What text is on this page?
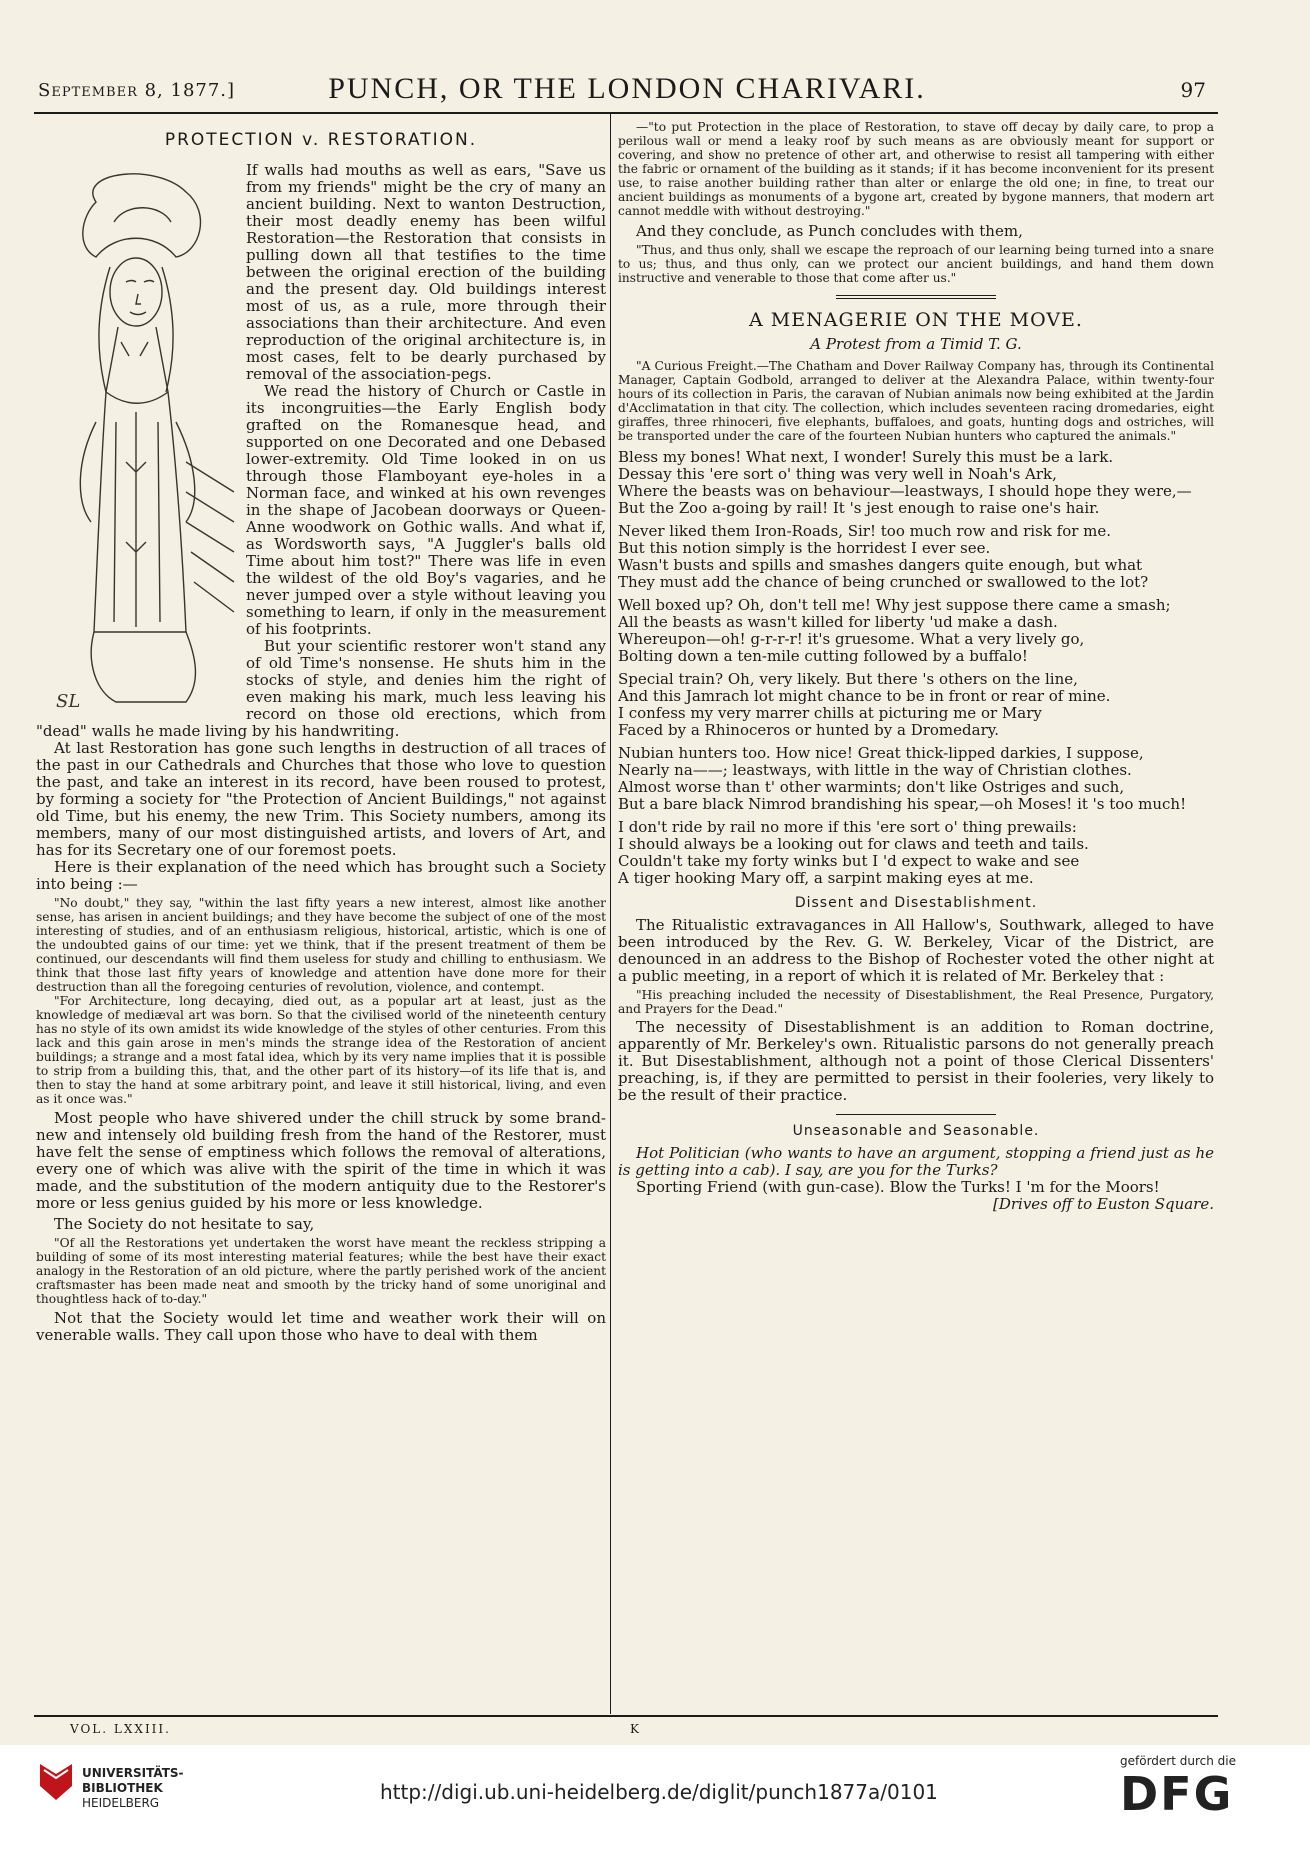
September 8, 1877.]	PUNCH, OR THE LONDON CHARIVARI.	97
PROTECTION v. RESTORATION.
SL

If walls had mouths as well as ears, "Save us from my friends" might be the cry of many an ancient building. Next to wanton Destruction, their most deadly enemy has been wilful Restoration—the Restoration that consists in pulling down all that testifies to the time between the original erection of the building and the present day. Old buildings interest most of us, as a rule, more through their associations than their architecture. And even reproduction of the original architecture is, in most cases, felt to be dearly purchased by removal of the association-pegs.

We read the history of Church or Castle in its incongruities—the Early English body grafted on the Romanesque head, and supported on one Decorated and one Debased lower-extremity. Old Time looked in on us through those Flamboyant eye-holes in a Norman face, and winked at his own revenges in the shape of Jacobean doorways or Queen-Anne woodwork on Gothic walls. And what if, as Wordsworth says, "A Juggler's balls old Time about him tost?" There was life in even the wildest of the old Boy's vagaries, and he never jumped over a style without leaving you something to learn, if only in the measurement of his footprints.

But your scientific restorer won't stand any of old Time's nonsense. He shuts him in the stocks of style, and denies him the right of even making his mark, much less leaving his record on those old erections, which from "dead" walls he made living by his handwriting.

At last Restoration has gone such lengths in destruction of all traces of the past in our Cathedrals and Churches that those who love to question the past, and take an interest in its record, have been roused to protest, by forming a society for "the Protection of Ancient Buildings," not against old Time, but his enemy, the new Trim. This Society numbers, among its members, many of our most distinguished artists, and lovers of Art, and has for its Secretary one of our foremost poets.

Here is their explanation of the need which has brought such a Society into being :—

"No doubt," they say, "within the last fifty years a new interest, almost like another sense, has arisen in ancient buildings; and they have become the subject of one of the most interesting of studies, and of an enthusiasm religious, historical, artistic, which is one of the undoubted gains of our time: yet we think, that if the present treatment of them be continued, our descendants will find them useless for study and chilling to enthusiasm. We think that those last fifty years of knowledge and attention have done more for their destruction than all the foregoing centuries of revolution, violence, and contempt.

"For Architecture, long decaying, died out, as a popular art at least, just as the knowledge of mediæval art was born. So that the civilised world of the nineteenth century has no style of its own amidst its wide knowledge of the styles of other centuries. From this lack and this gain arose in men's minds the strange idea of the Restoration of ancient buildings; a strange and a most fatal idea, which by its very name implies that it is possible to strip from a building this, that, and the other part of its history—of its life that is, and then to stay the hand at some arbitrary point, and leave it still historical, living, and even as it once was."

Most people who have shivered under the chill struck by some brand-new and intensely old building fresh from the hand of the Restorer, must have felt the sense of emptiness which follows the removal of alterations, every one of which was alive with the spirit of the time in which it was made, and the substitution of the modern antiquity due to the Restorer's more or less genius guided by his more or less knowledge.

The Society do not hesitate to say,

"Of all the Restorations yet undertaken the worst have meant the reckless stripping a building of some of its most interesting material features; while the best have their exact analogy in the Restoration of an old picture, where the partly perished work of the ancient craftsmaster has been made neat and smooth by the tricky hand of some unoriginal and thoughtless hack of to-day."

Not that the Society would let time and weather work their will on venerable walls. They call upon those who have to deal with them

—"to put Protection in the place of Restoration, to stave off decay by daily care, to prop a perilous wall or mend a leaky roof by such means as are obviously meant for support or covering, and show no pretence of other art, and otherwise to resist all tampering with either the fabric or ornament of the building as it stands; if it has become inconvenient for its present use, to raise another building rather than alter or enlarge the old one; in fine, to treat our ancient buildings as monuments of a bygone art, created by bygone manners, that modern art cannot meddle with without destroying."

And they conclude, as Punch concludes with them,

"Thus, and thus only, shall we escape the reproach of our learning being turned into a snare to us; thus, and thus only, can we protect our ancient buildings, and hand them down instructive and venerable to those that come after us."

A MENAGERIE ON THE MOVE.
A Protest from a Timid T. G.

"A Curious Freight.—The Chatham and Dover Railway Company has, through its Continental Manager, Captain Godbold, arranged to deliver at the Alexandra Palace, within twenty-four hours of its collection in Paris, the caravan of Nubian animals now being exhibited at the Jardin d'Acclimatation in that city. The collection, which includes seventeen racing dromedaries, eight giraffes, three rhinoceri, five elephants, buffaloes, and goats, hunting dogs and ostriches, will be transported under the care of the fourteen Nubian hunters who captured the animals."

Bless my bones! What next, I wonder! Surely this must be a lark.

Dessay this 'ere sort o' thing was very well in Noah's Ark,

Where the beasts was on behaviour—leastways, I should hope they were,—

But the Zoo a-going by rail! It 's jest enough to raise one's hair.

Never liked them Iron-Roads, Sir! too much row and risk for me.

But this notion simply is the horridest I ever see.

Wasn't busts and spills and smashes dangers quite enough, but what

They must add the chance of being crunched or swallowed to the lot?

Well boxed up? Oh, don't tell me! Why jest suppose there came a smash;

All the beasts as wasn't killed for liberty 'ud make a dash.

Whereupon—oh! g-r-r-r! it's gruesome. What a very lively go,

Bolting down a ten-mile cutting followed by a buffalo!

Special train? Oh, very likely. But there 's others on the line,

And this Jamrach lot might chance to be in front or rear of mine.

I confess my very marrer chills at picturing me or Mary

Faced by a Rhinoceros or hunted by a Dromedary.

Nubian hunters too. How nice! Great thick-lipped darkies, I suppose,

Nearly na——; leastways, with little in the way of Christian clothes.

Almost worse than t' other warmints; don't like Ostriges and such,

But a bare black Nimrod brandishing his spear,—oh Moses! it 's too much!

I don't ride by rail no more if this 'ere sort o' thing prewails:

I should always be a looking out for claws and teeth and tails.

Couldn't take my forty winks but I 'd expect to wake and see

A tiger hooking Mary off, a sarpint making eyes at me.

Dissent and Disestablishment.

The Ritualistic extravagances in All Hallow's, Southwark, alleged to have been introduced by the Rev. G. W. Berkeley, Vicar of the District, are denounced in an address to the Bishop of Rochester voted the other night at a public meeting, in a report of which it is related of Mr. Berkeley that :

"His preaching included the necessity of Disestablishment, the Real Presence, Purgatory, and Prayers for the Dead."

The necessity of Disestablishment is an addition to Roman doctrine, apparently of Mr. Berkeley's own. Ritualistic parsons do not generally preach it. But Disestablishment, although not a point of those Clerical Dissenters' preaching, is, if they are permitted to persist in their fooleries, very likely to be the result of their practice.

Unseasonable and Seasonable.

Hot Politician (who wants to have an argument, stopping a friend just as he is getting into a cab). I say, are you for the Turks?

Sporting Friend (with gun-case). Blow the Turks! I 'm for the Moors!

[Drives off to Euston Square.

VOL. LXXIII.	K
UNIVERSITÄTS-
BIBLIOTHEK
HEIDELBERG	http://digi.ub.uni-heidelberg.de/diglit/punch1877a/0101
gefördert durch die
DFG
